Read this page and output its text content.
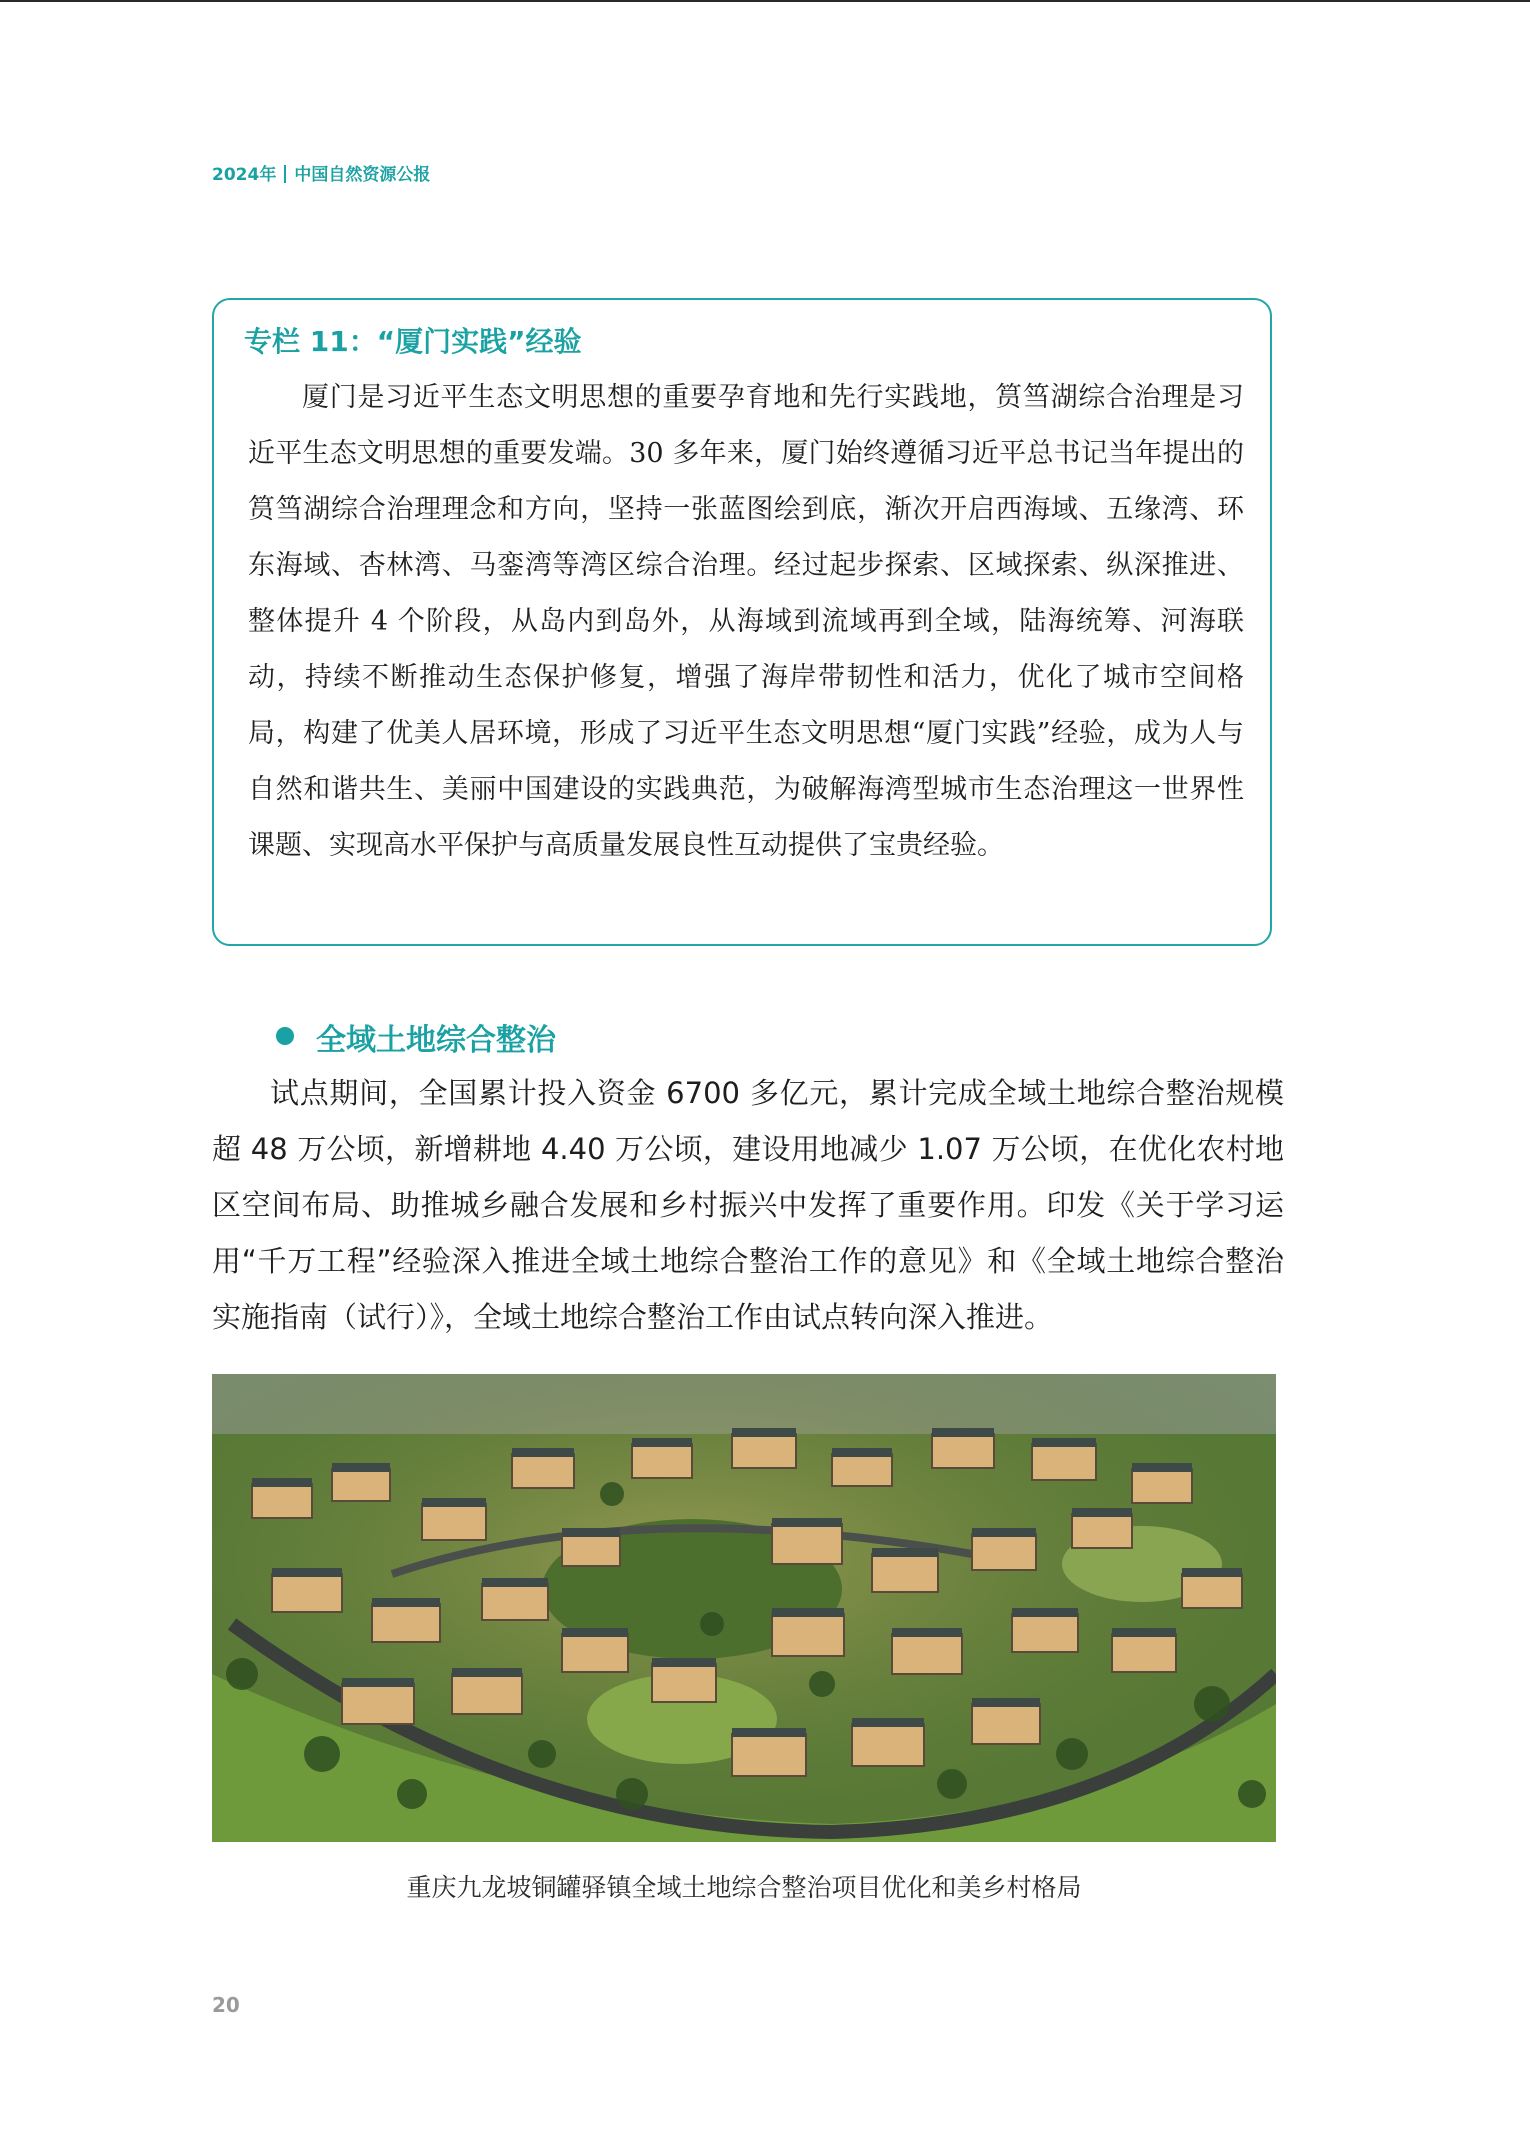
2024年 中国自然资源公报
专栏 11：“厦门实践”经验
厦门是习近平生态文明思想的重要孕育地和先行实践地，筼筜湖综合治理是习近平生态文明思想的重要发端。30 多年来，厦门始终遵循习近平总书记当年提出的筼筜湖综合治理理念和方向，坚持一张蓝图绘到底，渐次开启西海域、五缘湾、环东海域、杏林湾、马銮湾等湾区综合治理。经过起步探索、区域探索、纵深推进、整体提升 4 个阶段，从岛内到岛外，从海域到流域再到全域，陆海统筹、河海联动，持续不断推动生态保护修复，增强了海岸带韧性和活力，优化了城市空间格局，构建了优美人居环境，形成了习近平生态文明思想“厦门实践”经验，成为人与自然和谐共生、美丽中国建设的实践典范，为破解海湾型城市生态治理这一世界性课题、实现高水平保护与高质量发展良性互动提供了宝贵经验。
全域土地综合整治
试点期间，全国累计投入资金 6700 多亿元，累计完成全域土地综合整治规模超 48 万公顷，新增耕地 4.40 万公顷，建设用地减少 1.07 万公顷，在优化农村地区空间布局、助推城乡融合发展和乡村振兴中发挥了重要作用。印发《关于学习运用“千万工程”经验深入推进全域土地综合整治工作的意见》和《全域土地综合整治实施指南（试行）》，全域土地综合整治工作由试点转向深入推进。
重庆九龙坡铜罐驿镇全域土地综合整治项目优化和美乡村格局
20
